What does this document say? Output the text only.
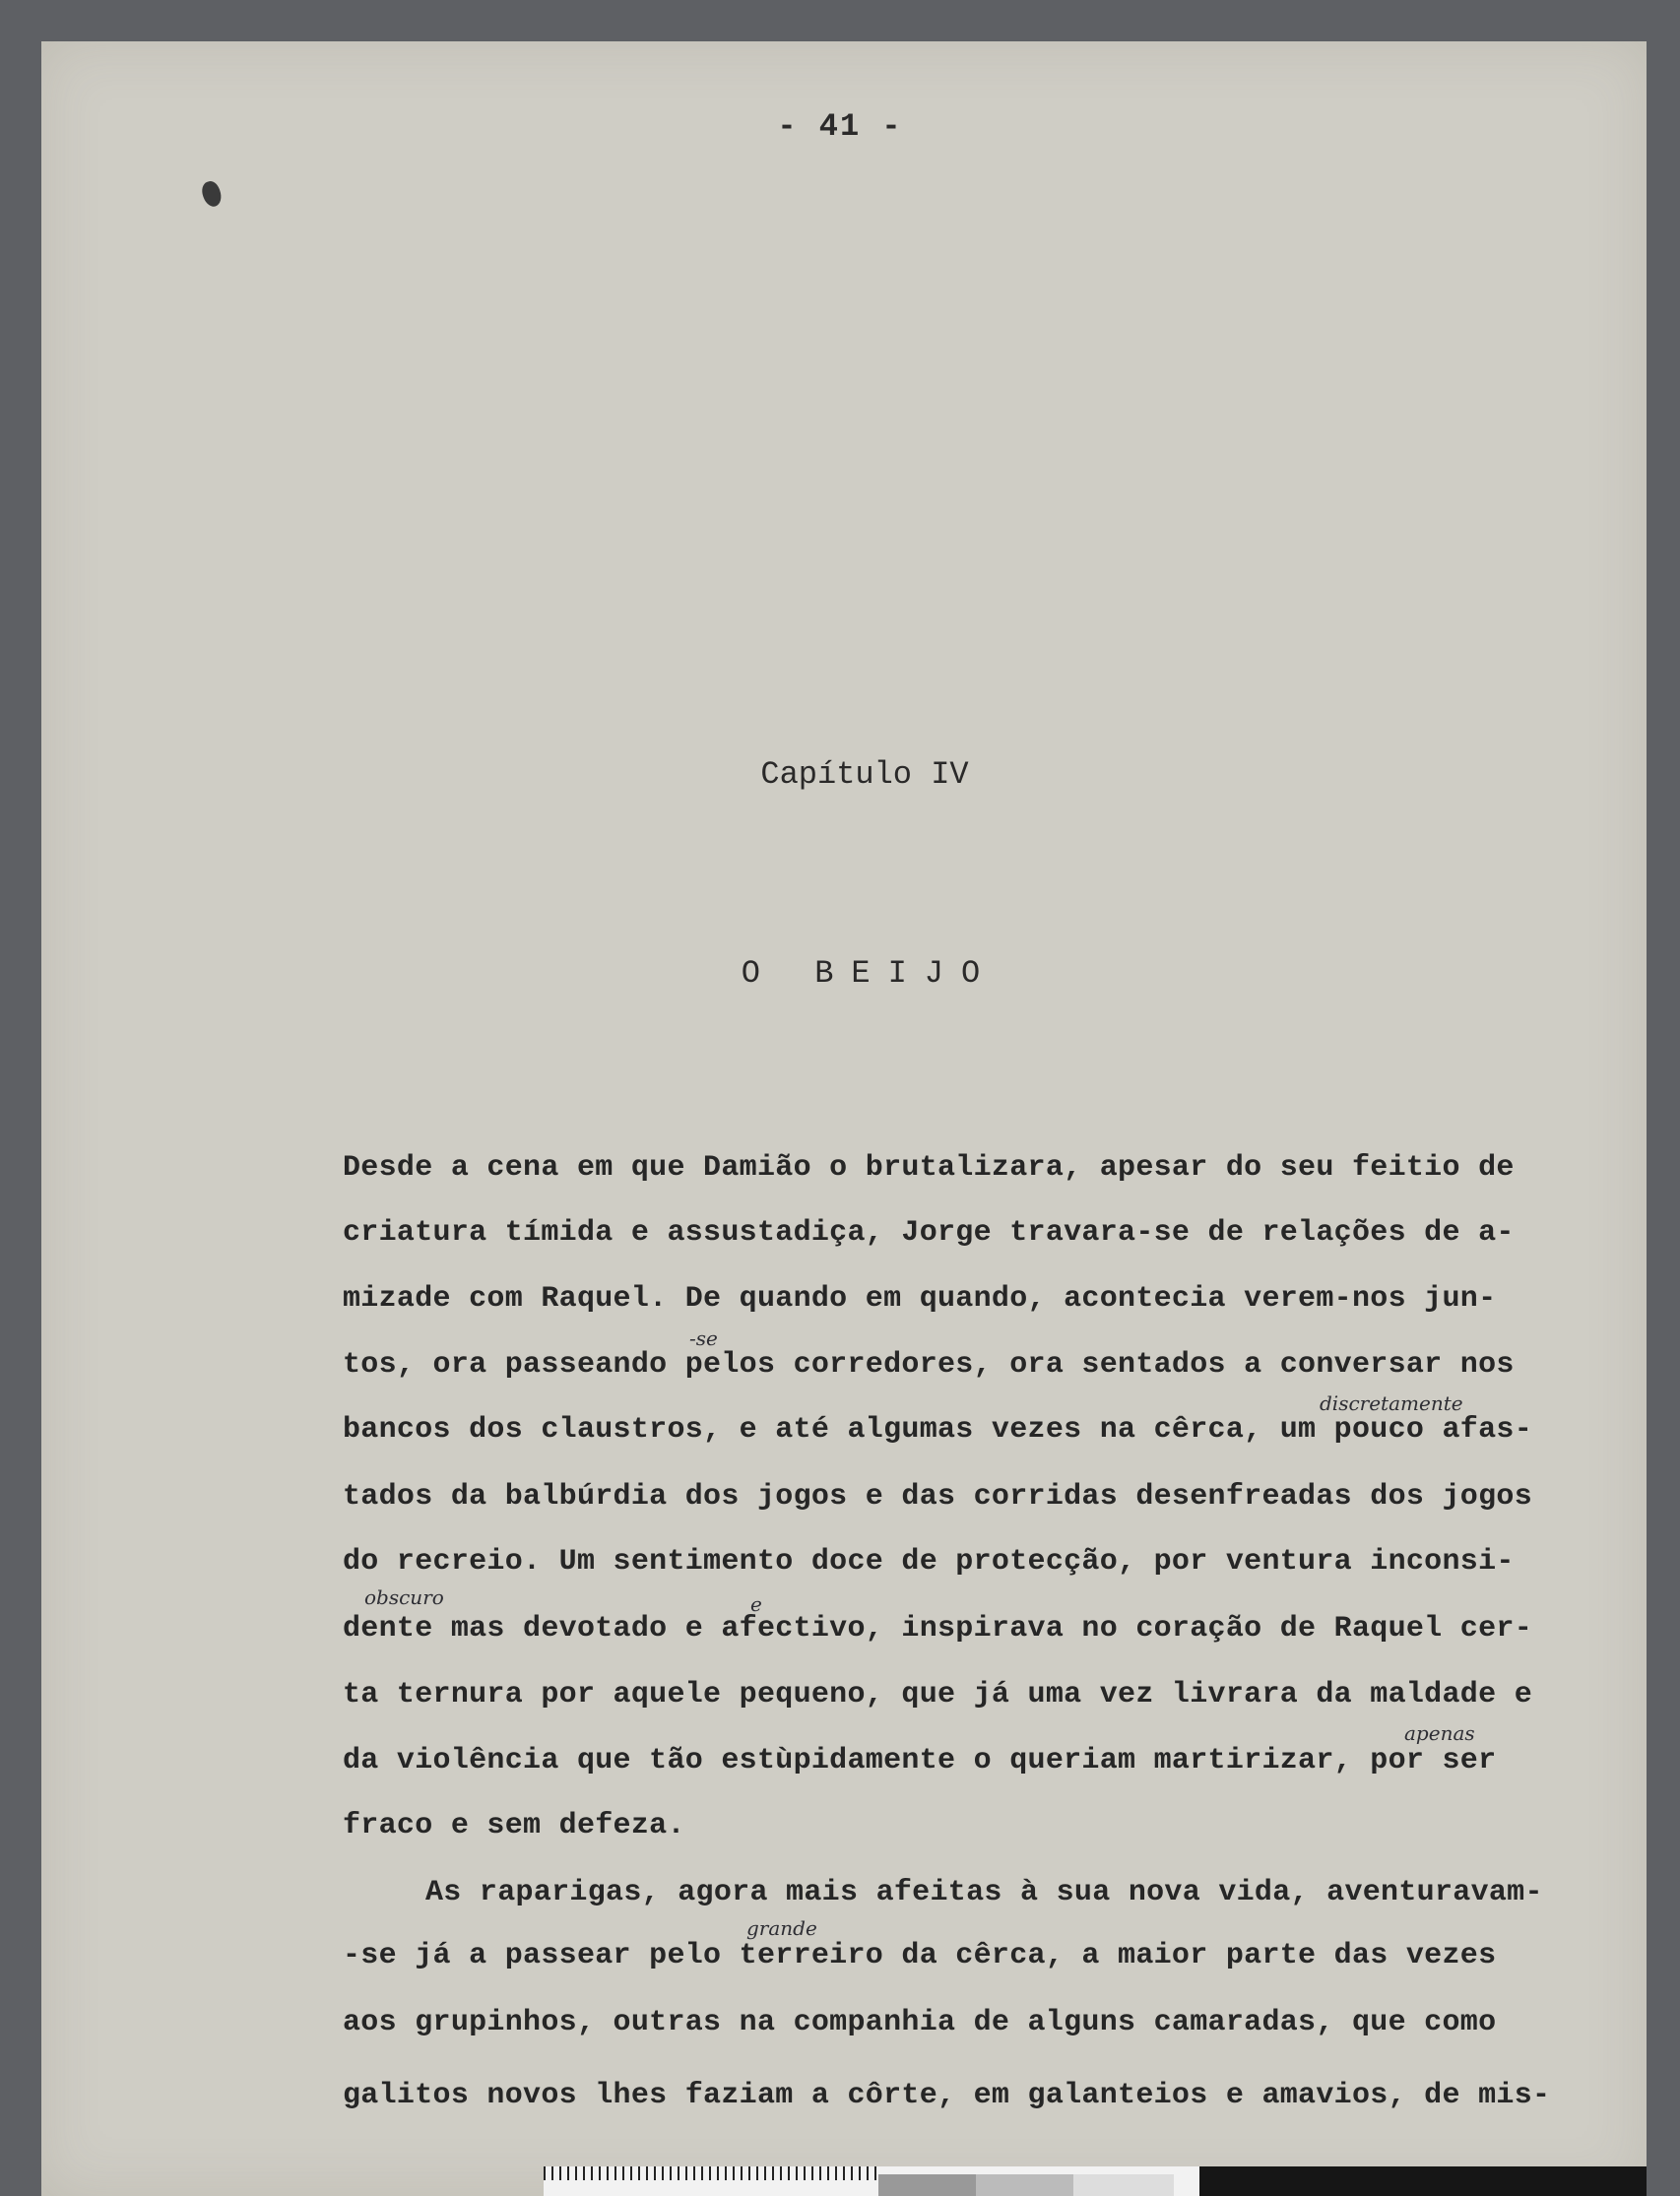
- 41 -
Capítulo IV
O BEIJO
Desde a cena em que Damião o brutalizara, apesar do seu feitio de
criatura tímida e assustadiça, Jorge travara-se de relações de a-
mizade com Raquel. De quando em quando, acontecia verem-nos jun-
tos, ora passeando pelos corredores, ora sentados a conversar nos
bancos dos claustros, e até algumas vezes na cêrca, um pouco afas-
tados da balbúrdia dos jogos e das corridas desenfreadas dos jogos
do recreio. Um sentimento doce de protecção, por ventura inconsi-
dente mas devotado e afectivo, inspirava no coração de Raquel cer-
ta ternura por aquele pequeno, que já uma vez livrara da maldade e
da violência que tão estùpidamente o queriam martirizar, por ser
fraco e sem defeza.
As raparigas, agora mais afeitas à sua nova vida, aventuravam-
-se já a passear pelo terreiro da cêrca, a maior parte das vezes
aos grupinhos, outras na companhia de alguns camaradas, que como
galitos novos lhes faziam a côrte, em galanteios e amavios, de mis-
-se
discretamente
obscuro	e
apenas
grande
